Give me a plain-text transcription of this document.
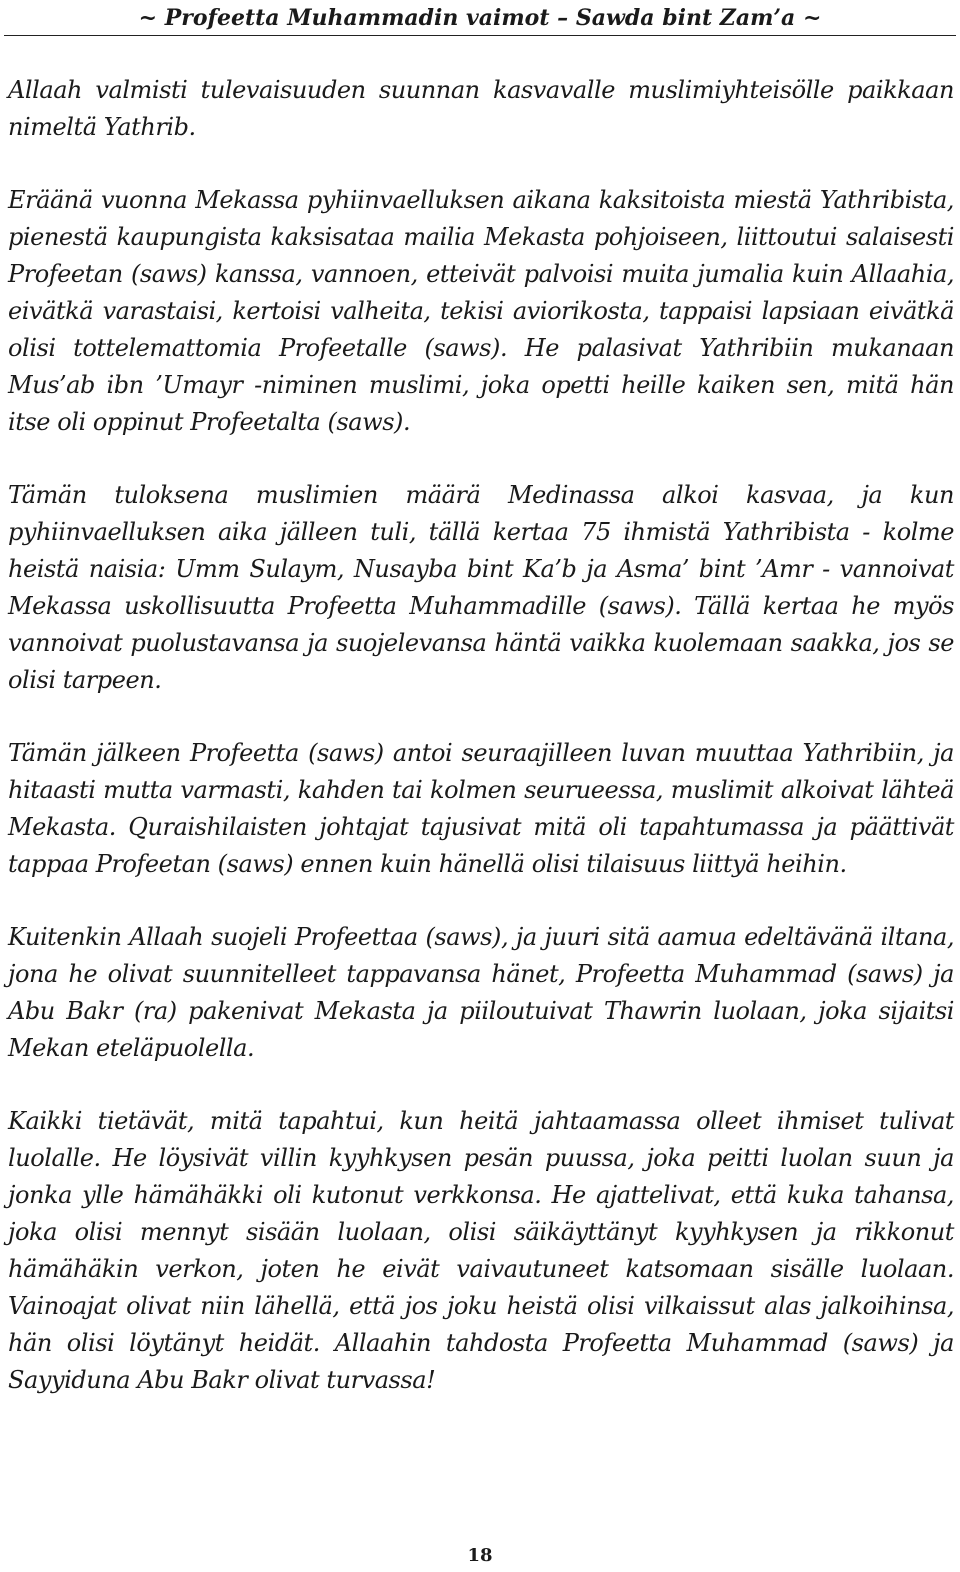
~ Profeetta Muhammadin vaimot – Sawda bint Zam’a ~

Allaah valmisti tulevaisuuden suunnan kasvavalle muslimiyhteisölle paikkaan nimeltä Yathrib.

Eräänä vuonna Mekassa pyhiinvaelluksen aikana kaksitoista miestä Yathribista, pienestä kaupungista kaksisataa mailia Mekasta pohjoiseen, liittoutui salaisesti Profeetan (saws) kanssa, vannoen, etteivät palvoisi muita jumalia kuin Allaahia, eivätkä varastaisi, kertoisi valheita, tekisi aviorikosta, tappaisi lapsiaan eivätkä olisi tottelemattomia Profeetalle (saws). He palasivat Yathribiin mukanaan Mus’ab ibn ’Umayr -niminen muslimi, joka opetti heille kaiken sen, mitä hän itse oli oppinut Profeetalta (saws).

Tämän tuloksena muslimien määrä Medinassa alkoi kasvaa, ja kun pyhiinvaelluksen aika jälleen tuli, tällä kertaa 75 ihmistä Yathribista - kolme heistä naisia: Umm Sulaym, Nusayba bint Ka’b ja Asma’ bint ’Amr - vannoivat Mekassa uskollisuutta Profeetta Muhammadille (saws). Tällä kertaa he myös vannoivat puolustavansa ja suojelevansa häntä vaikka kuolemaan saakka, jos se olisi tarpeen.

Tämän jälkeen Profeetta (saws) antoi seuraajilleen luvan muuttaa Yathribiin, ja hitaasti mutta varmasti, kahden tai kolmen seurueessa, muslimit alkoivat lähteä Mekasta. Quraishilaisten johtajat tajusivat mitä oli tapahtumassa ja päättivät tappaa Profeetan (saws) ennen kuin hänellä olisi tilaisuus liittyä heihin.

Kuitenkin Allaah suojeli Profeettaa (saws), ja juuri sitä aamua edeltävänä iltana, jona he olivat suunnitelleet tappavansa hänet, Profeetta Muhammad (saws) ja Abu Bakr (ra) pakenivat Mekasta ja piiloutuivat Thawrin luolaan, joka sijaitsi Mekan eteläpuolella.

Kaikki tietävät, mitä tapahtui, kun heitä jahtaamassa olleet ihmiset tulivat luolalle. He löysivät villin kyyhkysen pesän puussa, joka peitti luolan suun ja jonka ylle hämähäkki oli kutonut verkkonsa. He ajattelivat, että kuka tahansa, joka olisi mennyt sisään luolaan, olisi säikäyttänyt kyyhkysen ja rikkonut hämähäkin verkon, joten he eivät vaivautuneet katsomaan sisälle luolaan. Vainoajat olivat niin lähellä, että jos joku heistä olisi vilkaissut alas jalkoihinsa, hän olisi löytänyt heidät. Allaahin tahdosta Profeetta Muhammad (saws) ja Sayyiduna Abu Bakr olivat turvassa!

18
